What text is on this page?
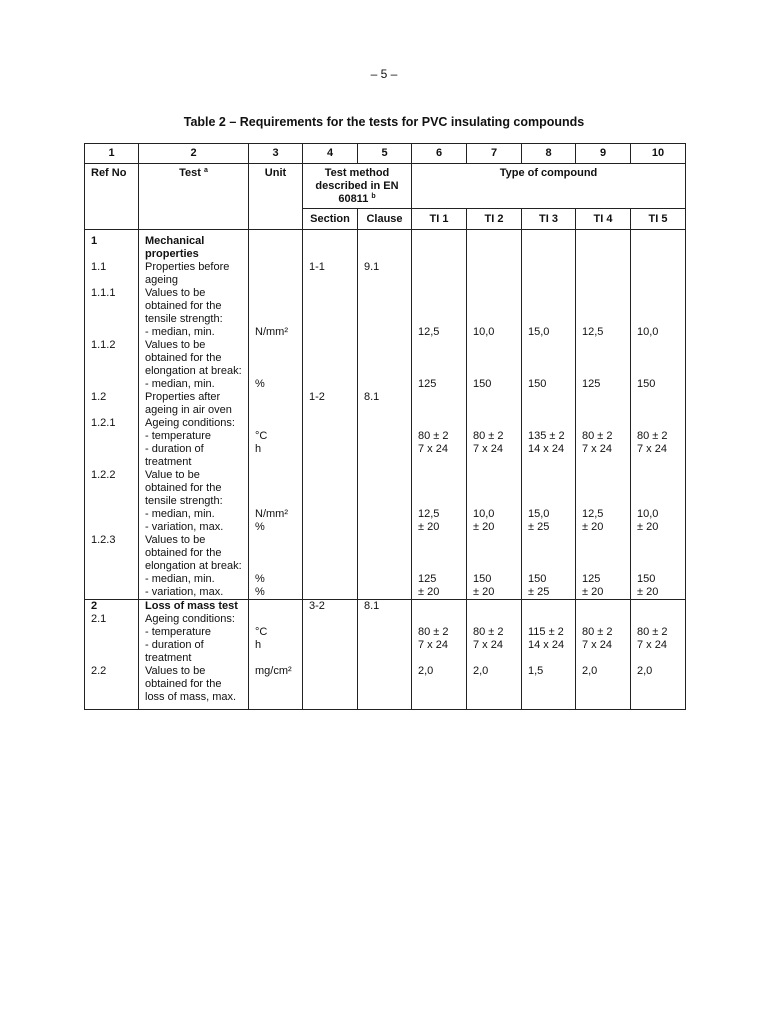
– 5 –
Table 2 – Requirements for the tests for PVC insulating compounds
1	2	3	4	5	6	7	8	9	10
Ref No	Test $^a$	Unit	Test method described in EN 60811 $^b$		Type of compound				
			Section	Clause	TI 1	TI 2	TI 3	TI 4	TI 5
1	Mechanical properties								
1.1	Properties before ageing		1-1	9.1					
1.1.1	Values to be obtained for the tensile strength:								
	- median, min.	N/mm²			12,5	10,0	15,0	12,5	10,0
1.1.2	Values to be obtained for the elongation at break:								
	- median, min.	%			125	150	150	125	150
1.2	Properties after ageing in air oven		1-2	8.1					
1.2.1	Ageing conditions:								
	- temperature	°C			80 ± 2	80 ± 2	135 ± 2	80 ± 2	80 ± 2
	- duration of treatment	h			7 x 24	7 x 24	14 x 24	7 x 24	7 x 24
1.2.2	Value to be obtained for the tensile strength:								
	- median, min.	N/mm²			12,5	10,0	15,0	12,5	10,0
	- variation, max.	%			± 20	± 20	± 25	± 20	± 20
1.2.3	Values to be obtained for the elongation at break:								
	- median, min.	%			125	150	150	125	150
	- variation, max.	%			± 20	± 20	± 25	± 20	± 20
2	Loss of mass test		3-2	8.1					
2.1	Ageing conditions:								
	- temperature	°C			80 ± 2	80 ± 2	115 ± 2	80 ± 2	80 ± 2
	- duration of treatment	h			7 x 24	7 x 24	14 x 24	7 x 24	7 x 24
2.2	Values to be obtained for the loss of mass, max.	mg/cm²			2,0	2,0	1,5	2,0	2,0
